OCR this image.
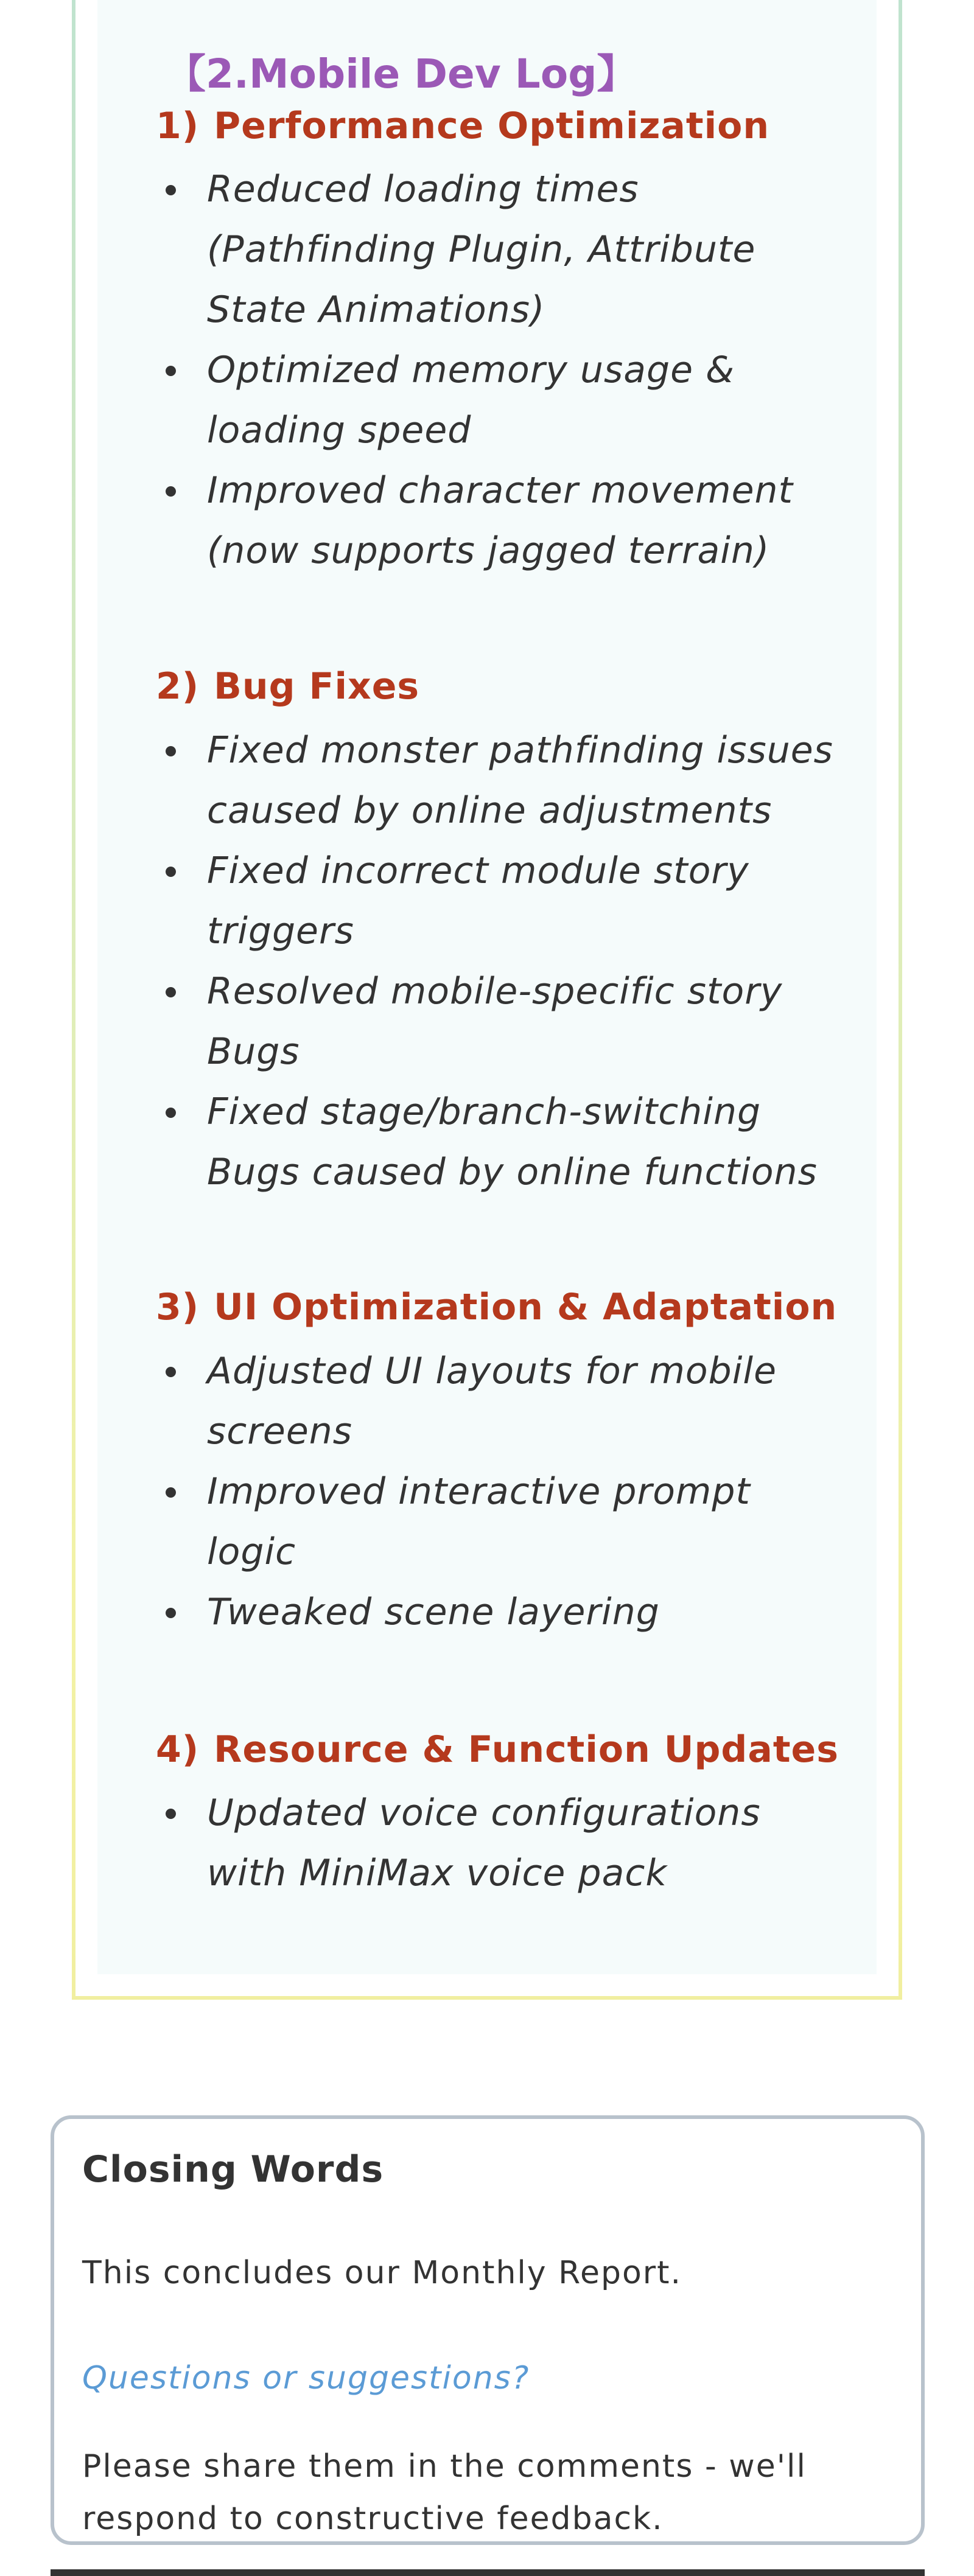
【2.Mobile Dev Log】
1) Performance Optimization
Reduced loading times (Pathfinding Plugin, Attribute State Animations)
Optimized memory usage & loading speed
Improved character movement (now supports jagged terrain)
2) Bug Fixes
Fixed monster pathfinding issues caused by online adjustments
Fixed incorrect module story triggers
Resolved mobile-specific story Bugs
Fixed stage/branch-switching Bugs caused by online functions
3) UI Optimization & Adaptation
Adjusted UI layouts for mobile screens
Improved interactive prompt logic
Tweaked scene layering
4) Resource & Function Updates
Updated voice configurations with MiniMax voice pack
Closing Words

This concludes our Monthly Report.

Questions or suggestions?

Please share them in the comments - we'll respond to constructive feedback.
